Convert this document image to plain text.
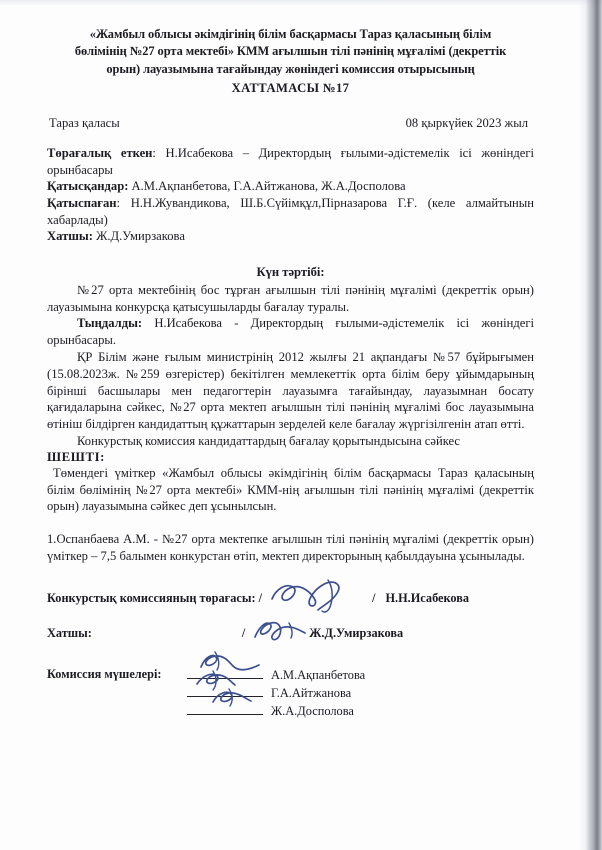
«Жамбыл облысы әкімдігінің білім басқармасы Тараз қаласының білім
бөлімінің №27 орта мектебі» КММ ағылшын тілі пәнінің мұғалімі (декреттік
орын) лауазымына тағайындау жөніндегі комиссия отырысының
ХАТТАМАСЫ №17
Тараз қаласы	08 қыркүйек 2023 жыл

Төрағалық еткен: Н.Исабекова – Директордың ғылыми-әдістемелік ісі жөніндегі орынбасары

Қатысқандар: А.М.Ақпанбетова, Г.А.Айтжанова, Ж.А.Досполова

Қатыспаған: Н.Н.Жувандикова, Ш.Б.Сүйімқұл,Пірназарова Г.Ғ. (келе алмайтынын хабарлады)

Хатшы: Ж.Д.Умирзакова

Күн тәртібі:

№27 орта мектебінің бос тұрған ағылшын тілі пәнінің мұғалімі (декреттік орын) лауазымына конкурсқа қатысушыларды бағалау туралы.

Тыңдалды: Н.Исабекова - Директордың ғылыми-әдістемелік ісі жөніндегі орынбасары.

ҚР Білім және ғылым министрінің 2012 жылғы 21 ақпандағы №57 бұйрығымен (15.08.2023ж. №259 өзгерістер) бекітілген мемлекеттік орта білім беру ұйымдарының бірінші басшылары мен педагогтерін лауазымға тағайындау, лауазымнан босату қағидаларына сәйкес, №27 орта мектеп ағылшын тілі пәнінің мұғалімі бос лауазымына өтініш білдірген кандидаттың құжаттарын зерделей келе бағалау жүргізілгенін атап өтті.

Конкурстық комиссия кандидаттардың бағалау қорытындысына сәйкес

ШЕШТІ:

Төмендегі үміткер «Жамбыл облысы әкімдігінің білім басқармасы Тараз қаласының білім бөлімінің №27 орта мектебі» КММ-нің ағылшын тілі пәнінің мұғалімі (декреттік орын) лауазымына сәйкес деп ұсынылсын.

1.Оспанбаева А.М. - №27 орта мектепке ағылшын тілі пәнінің мұғалімі (декреттік орын) үміткер – 7,5 балымен конкурстан өтіп, мектеп директорының қабылдауына ұсынылады.

Конкурстық комиссияның төрағасы: /	/ Н.Н.Исабекова
Хатшы:	/	Ж.Д.Умирзакова
Комиссия мүшелері:	А.М.Ақпанбетова
Г.А.Айтжанова
Ж.А.Досполова
